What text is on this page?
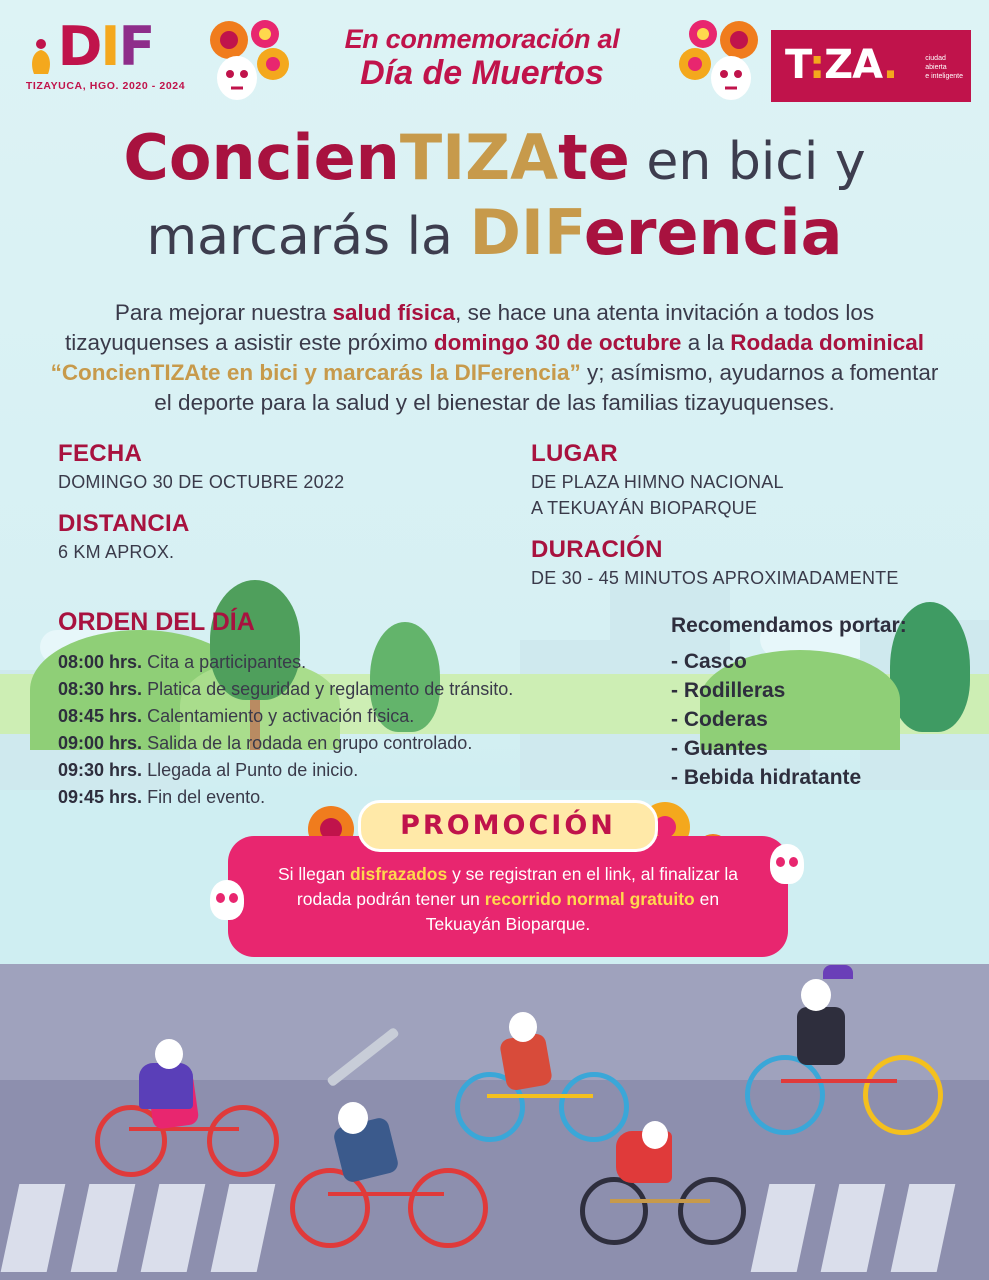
DIF
TIZAYUCA, HGO. 2020 - 2024
En conmemoración al
Día de Muertos	T:ZA.	ciudad
abierta
e inteligente
ConcienTIZAte en bici y
marcarás la DIFerencia
Para mejorar nuestra salud física, se hace una atenta invitación a todos los tizayuquenses a asistir este próximo domingo 30 de octubre a la Rodada dominical “ConcienTIZAte en bici y marcarás la DIFerencia” y; asímismo, ayudarnos a fomentar el deporte para la salud y el bienestar de las familias tizayuquenses.
FECHA
DOMINGO 30 DE OCTUBRE 2022
DISTANCIA
6 KM APROX.
LUGAR
DE PLAZA HIMNO NACIONAL
A TEKUAYÁN BIOPARQUE
DURACIÓN
DE 30 - 45 MINUTOS APROXIMADAMENTE
ORDEN DEL DÍA
08:00 hrs. Cita a participantes.
08:30 hrs. Platica de seguridad y reglamento de tránsito.
08:45 hrs. Calentamiento y activación física.
09:00 hrs. Salida de la rodada en grupo controlado.
09:30 hrs. Llegada al Punto de inicio.
09:45 hrs. Fin del evento.
Recomendamos portar:
- Casco
- Rodilleras
- Coderas
- Guantes
- Bebida hidratante
PROMOCIÓN
Si llegan disfrazados y se registran en el link, al finalizar la rodada podrán tener un recorrido normal gratuito en Tekuayán Bioparque.
